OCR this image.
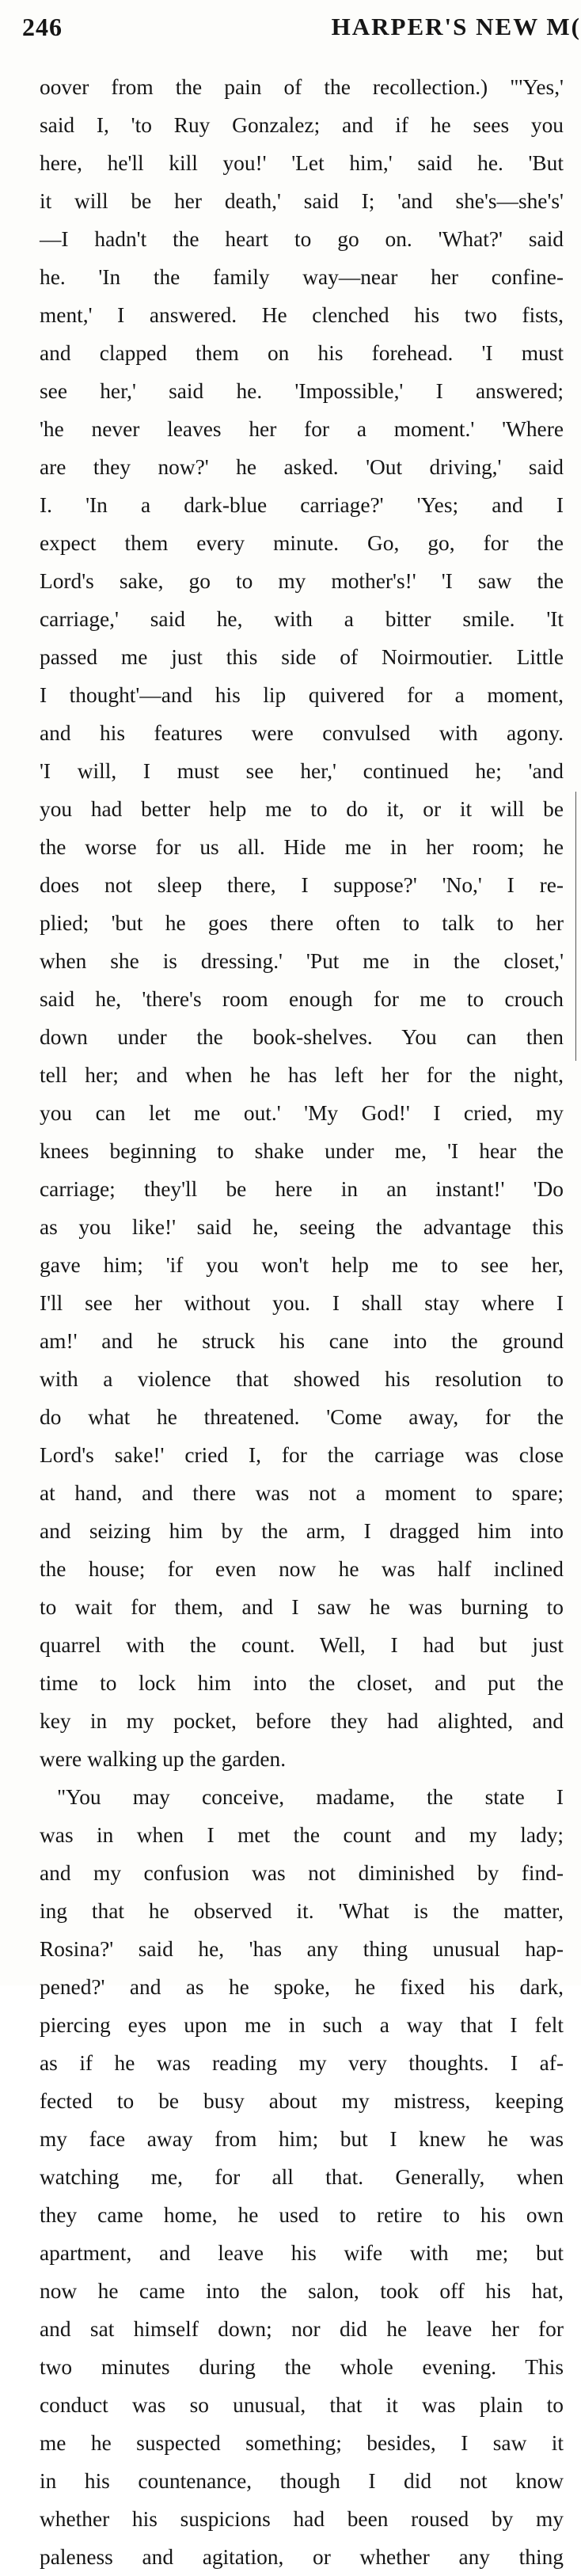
246	HARPER'S NEW M(
oover from the pain of the recollection.) "'Yes,'
said I, 'to Ruy Gonzalez; and if he sees you
here, he'll kill you!' 'Let him,' said he. 'But
it will be her death,' said I; 'and she's—she's'
—I hadn't the heart to go on. 'What?' said
he. 'In the family way—near her confine-
ment,' I answered. He clenched his two fists,
and clapped them on his forehead. 'I must
see her,' said he. 'Impossible,' I answered;
'he never leaves her for a moment.' 'Where
are they now?' he asked. 'Out driving,' said
I. 'In a dark-blue carriage?' 'Yes; and I
expect them every minute. Go, go, for the
Lord's sake, go to my mother's!' 'I saw the
carriage,' said he, with a bitter smile. 'It
passed me just this side of Noirmoutier. Little
I thought'—and his lip quivered for a moment,
and his features were convulsed with agony.
'I will, I must see her,' continued he; 'and
you had better help me to do it, or it will be
the worse for us all. Hide me in her room; he
does not sleep there, I suppose?' 'No,' I re-
plied; 'but he goes there often to talk to her
when she is dressing.' 'Put me in the closet,'
said he, 'there's room enough for me to crouch
down under the book-shelves. You can then
tell her; and when he has left her for the night,
you can let me out.' 'My God!' I cried, my
knees beginning to shake under me, 'I hear the
carriage; they'll be here in an instant!' 'Do
as you like!' said he, seeing the advantage this
gave him; 'if you won't help me to see her,
I'll see her without you. I shall stay where I
am!' and he struck his cane into the ground
with a violence that showed his resolution to
do what he threatened. 'Come away, for the
Lord's sake!' cried I, for the carriage was close
at hand, and there was not a moment to spare;
and seizing him by the arm, I dragged him into
the house; for even now he was half inclined
to wait for them, and I saw he was burning to
quarrel with the count. Well, I had but just
time to lock him into the closet, and put the
key in my pocket, before they had alighted, and
were walking up the garden.
"You may conceive, madame, the state I
was in when I met the count and my lady;
and my confusion was not diminished by find-
ing that he observed it. 'What is the matter,
Rosina?' said he, 'has any thing unusual hap-
pened?' and as he spoke, he fixed his dark,
piercing eyes upon me in such a way that I felt
as if he was reading my very thoughts. I af-
fected to be busy about my mistress, keeping
my face away from him; but I knew he was
watching me, for all that. Generally, when
they came home, he used to retire to his own
apartment, and leave his wife with me; but
now he came into the salon, took off his hat,
and sat himself down; nor did he leave her for
two minutes during the whole evening. This
conduct was so unusual, that it was plain to
me he suspected something; besides, I saw it
in his countenance, though I did not know
whether his suspicions had been roused by my
paleness and agitation, or whether any thing
